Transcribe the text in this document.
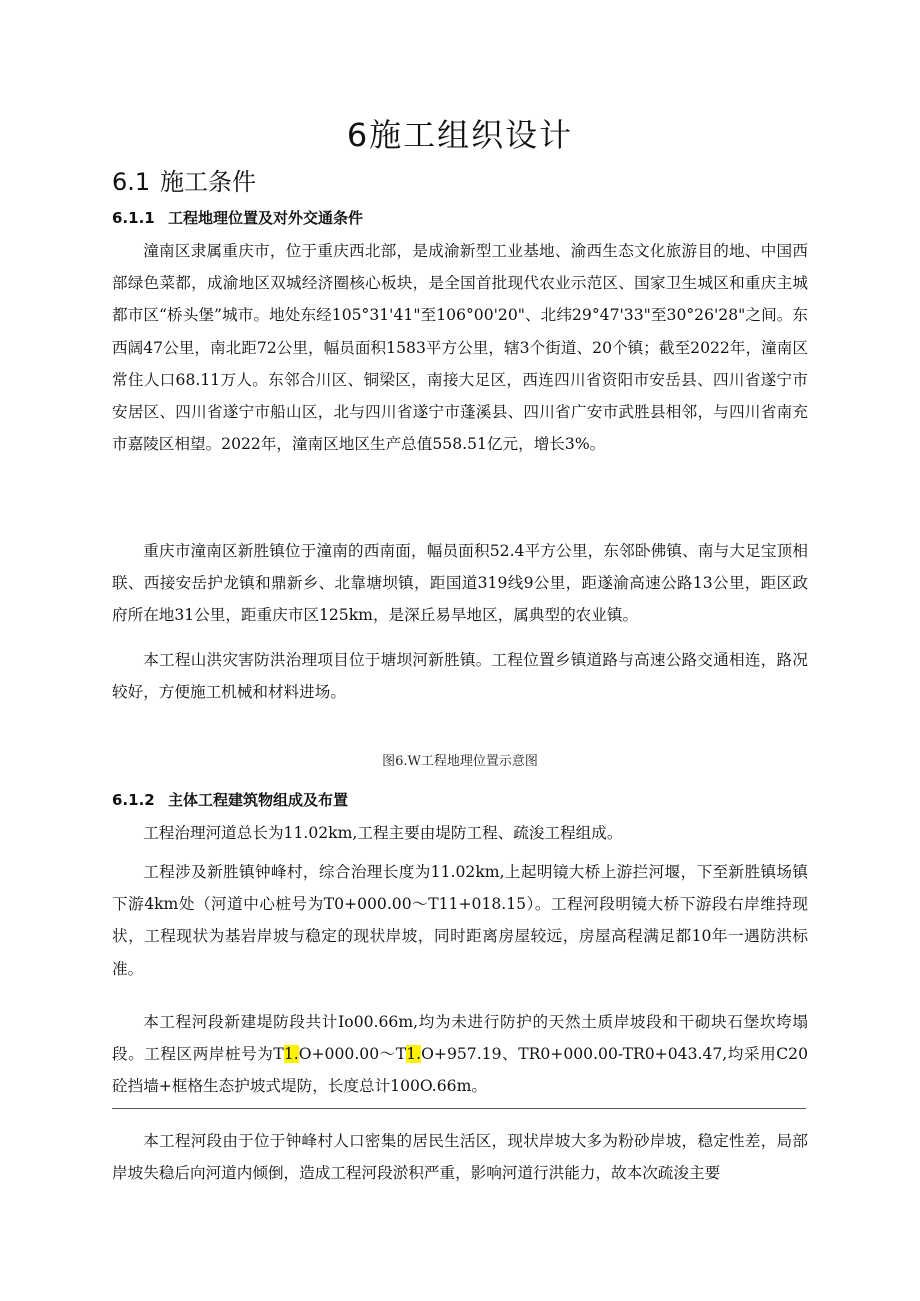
6施工组织设计
6.1 施工条件
6.1.1 工程地理位置及对外交通条件

潼南区隶属重庆市，位于重庆西北部，是成渝新型工业基地、渝西生态文化旅游目的地、中国西部绿色菜都，成渝地区双城经济圈核心板块，是全国首批现代农业示范区、国家卫生城区和重庆主城都市区“桥头堡”城市。地处东经105°31'41"至106°00'20"、北纬29°47'33"至30°26'28"之间。东西阔47公里，南北距72公里，幅员面积1583平方公里，辖3个街道、20个镇；截至2022年，潼南区常住人口68.11万人。东邻合川区、铜梁区，南接大足区，西连四川省资阳市安岳县、四川省遂宁市安居区、四川省遂宁市船山区，北与四川省遂宁市蓬溪县、四川省广安市武胜县相邻，与四川省南充市嘉陵区相望。2022年，潼南区地区生产总值558.51亿元，增长3%。

重庆市潼南区新胜镇位于潼南的西南面，幅员面积52.4平方公里，东邻卧佛镇、南与大足宝顶相联、西接安岳护龙镇和鼎新乡、北靠塘坝镇，距国道319线9公里，距遂渝高速公路13公里，距区政府所在地31公里，距重庆市区125km，是深丘易旱地区，属典型的农业镇。

本工程山洪灾害防洪治理项目位于塘坝河新胜镇。工程位置乡镇道路与高速公路交通相连，路况较好，方便施工机械和材料进场。

图6.W工程地理位置示意图
6.1.2 主体工程建筑物组成及布置

工程治理河道总长为11.02km,工程主要由堤防工程、疏浚工程组成。

工程涉及新胜镇钟峰村，综合治理长度为11.02km,上起明镜大桥上游拦河堰，下至新胜镇场镇下游4km处（河道中心桩号为T0+000.00～T11+018.15）。工程河段明镜大桥下游段右岸维持现状，工程现状为基岩岸坡与稳定的现状岸坡，同时距离房屋较远，房屋高程满足都10年一遇防洪标准。

本工程河段新建堤防段共计Io00.66m,均为未进行防护的天然土质岸坡段和干砌块石堡坎垮塌段。工程区两岸桩号为T1.O+000.00～T1.O+957.19、TR0+000.00-TR0+043.47,均采用C20砼挡墙+框格生态护坡式堤防，长度总计100O.66m。

本工程河段由于位于钟峰村人口密集的居民生活区，现状岸坡大多为粉砂岸坡，稳定性差，局部岸坡失稳后向河道内倾倒，造成工程河段淤积严重，影响河道行洪能力，故本次疏浚主要
